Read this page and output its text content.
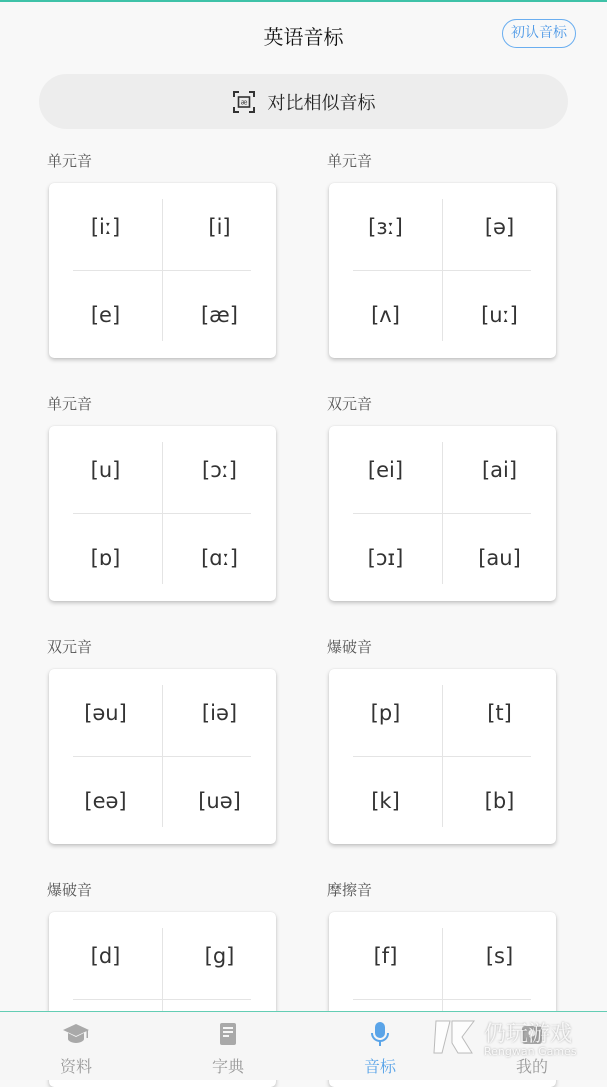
英语音标	初认音标
æ 对比相似音标
单元音
[iː]	[i]
[e]	[æ]
单元音
[ɜː]	[ə]
[ʌ]	[uː]
单元音
[u]	[ɔː]
[ɒ]	[ɑː]
双元音
[ei]	[ai]
[ɔɪ]	[au]
双元音
[əu]	[iə]
[eə]	[uə]
爆破音
[p]	[t]
[k]	[b]
爆破音
[d]	[g]
摩擦音
[f]	[s]
资料	字典	音标	我的
仍玩游戏
Rengwan Games
